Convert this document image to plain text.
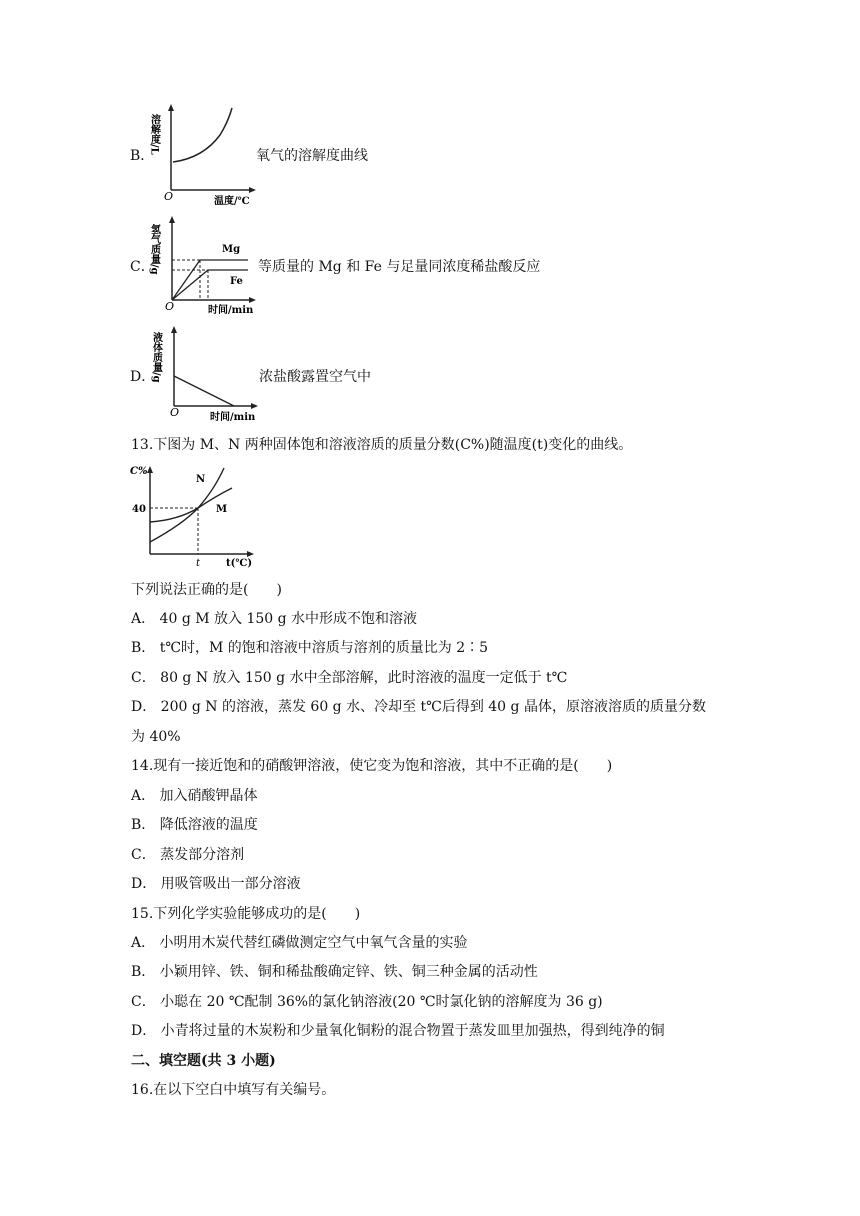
B．
溶解度/L
O	温度/℃
氧气的溶解度曲线
C．
氢气质量/g	Mg
Fe
O	时间/min
等质量的 Mg 和 Fe 与足量同浓度稀盐酸反应
D．
液体质量/g
O	时间/min
浓盐酸露置空气中
13.下图为 M、N 两种固体饱和溶液溶质的质量分数(C%)随温度(t)变化的曲线。
C%
40
N
M
t	t(℃)
下列说法正确的是(　　)
A． 40 g M 放入 150 g 水中形成不饱和溶液
B． t℃时，M 的饱和溶液中溶质与溶剂的质量比为 2∶5
C． 80 g N 放入 150 g 水中全部溶解，此时溶液的温度一定低于 t℃
D． 200 g N 的溶液，蒸发 60 g 水、冷却至 t℃后得到 40 g 晶体，原溶液溶质的质量分数
为 40%
14.现有一接近饱和的硝酸钾溶液，使它变为饱和溶液，其中不正确的是(　　)
A． 加入硝酸钾晶体
B． 降低溶液的温度
C． 蒸发部分溶剂
D． 用吸管吸出一部分溶液
15.下列化学实验能够成功的是(　　)
A． 小明用木炭代替红磷做测定空气中氧气含量的实验
B． 小颖用锌、铁、铜和稀盐酸确定锌、铁、铜三种金属的活动性
C． 小聪在 20 ℃配制 36%的氯化钠溶液(20 ℃时氯化钠的溶解度为 36 g)
D． 小青将过量的木炭粉和少量氧化铜粉的混合物置于蒸发皿里加强热，得到纯净的铜
二、填空题(共 3 小题)
16.在以下空白中填写有关编号。
